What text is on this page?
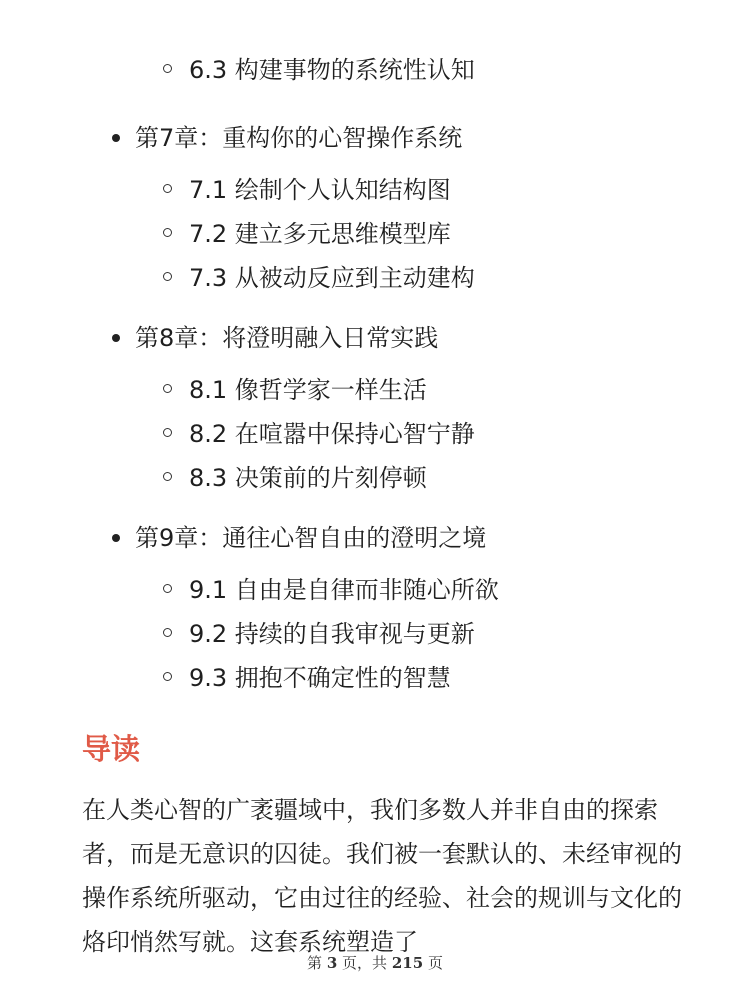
6.3 构建事物的系统性认知
第7章：重构你的心智操作系统
7.1 绘制个人认知结构图
7.2 建立多元思维模型库
7.3 从被动反应到主动建构
第8章：将澄明融入日常实践
8.1 像哲学家一样生活
8.2 在喧嚣中保持心智宁静
8.3 决策前的片刻停顿
第9章：通往心智自由的澄明之境
9.1 自由是自律而非随心所欲
9.2 持续的自我审视与更新
9.3 拥抱不确定性的智慧
导读
在人类心智的广袤疆域中，我们多数人并非自由的探索者，而是无意识的囚徒。我们被一套默认的、未经审视的操作系统所驱动，它由过往的经验、社会的规训与文化的烙印悄然写就。这套系统塑造了
第 3 页，共 215 页
